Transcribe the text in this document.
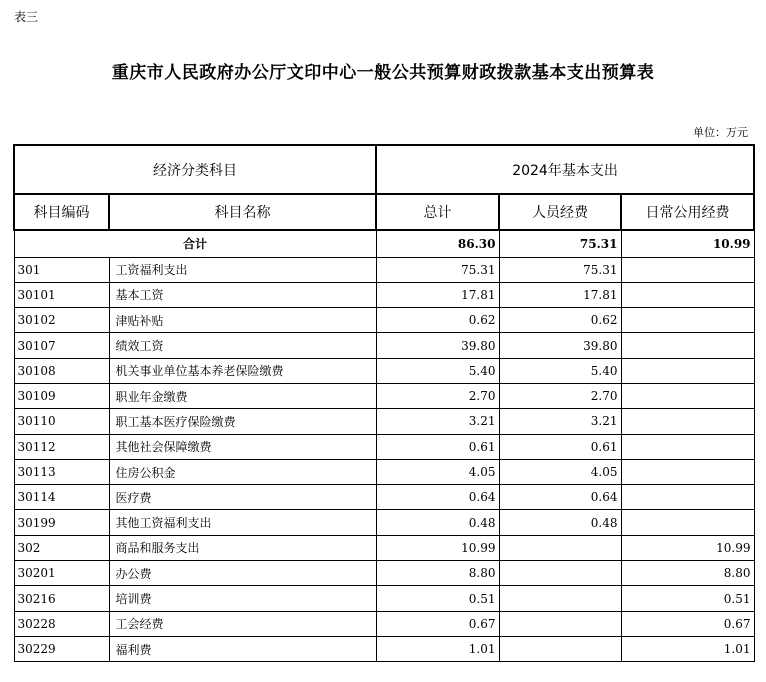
表三
重庆市人民政府办公厅文印中心一般公共预算财政拨款基本支出预算表
单位：万元
经济分类科目		2024年基本支出		
科目编码	科目名称	总计	人员经费	日常公用经费
合计		86.30	75.31	10.99
301	工资福利支出	75.31	75.31	
30101	基本工资	17.81	17.81	
30102	津贴补贴	0.62	0.62	
30107	绩效工资	39.80	39.80	
30108	机关事业单位基本养老保险缴费	5.40	5.40	
30109	职业年金缴费	2.70	2.70	
30110	职工基本医疗保险缴费	3.21	3.21	
30112	其他社会保障缴费	0.61	0.61	
30113	住房公积金	4.05	4.05	
30114	医疗费	0.64	0.64	
30199	其他工资福利支出	0.48	0.48	
302	商品和服务支出	10.99		10.99
30201	办公费	8.80		8.80
30216	培训费	0.51		0.51
30228	工会经费	0.67		0.67
30229	福利费	1.01		1.01
